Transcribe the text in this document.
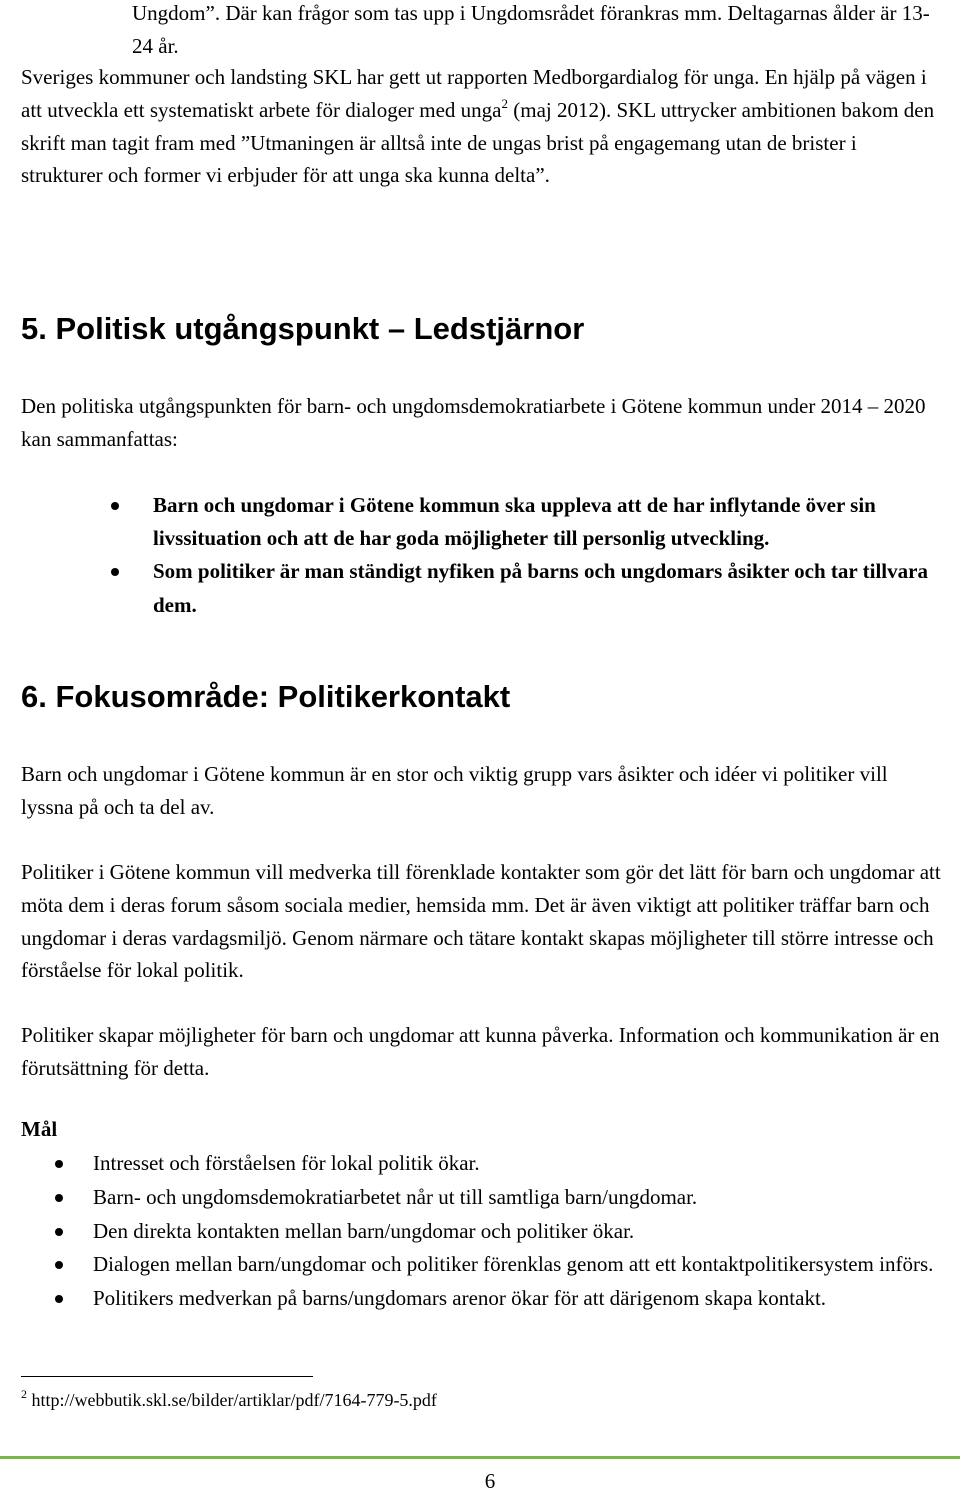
Ungdom”. Där kan frågor som tas upp i Ungdomsrådet förankras mm. Deltagarnas ålder är 13-24 år.

Sveriges kommuner och landsting SKL har gett ut rapporten Medborgardialog för unga. En hjälp på vägen i att utveckla ett systematiskt arbete för dialoger med unga$^2$ (maj 2012). SKL uttrycker ambitionen bakom den skrift man tagit fram med ”Utmaningen är alltså inte de ungas brist på engagemang utan de brister i strukturer och former vi erbjuder för att unga ska kunna delta”.

5. Politisk utgångspunkt – Ledstjärnor

Den politiska utgångspunkten för barn- och ungdomsdemokratiarbete i Götene kommun under 2014 – 2020 kan sammanfattas:

Barn och ungdomar i Götene kommun ska uppleva att de har inflytande över sin livssituation och att de har goda möjligheter till personlig utveckling.
Som politiker är man ständigt nyfiken på barns och ungdomars åsikter och tar tillvara dem.
6. Fokusområde: Politikerkontakt

Barn och ungdomar i Götene kommun är en stor och viktig grupp vars åsikter och idéer vi politiker vill lyssna på och ta del av.

Politiker i Götene kommun vill medverka till förenklade kontakter som gör det lätt för barn och ungdomar att möta dem i deras forum såsom sociala medier, hemsida mm. Det är även viktigt att politiker träffar barn och ungdomar i deras vardagsmiljö. Genom närmare och tätare kontakt skapas möjligheter till större intresse och förståelse för lokal politik.

Politiker skapar möjligheter för barn och ungdomar att kunna påverka. Information och kommunikation är en förutsättning för detta.

Mål

Intresset och förståelsen för lokal politik ökar.
Barn- och ungdomsdemokratiarbetet når ut till samtliga barn/ungdomar.
Den direkta kontakten mellan barn/ungdomar och politiker ökar.
Dialogen mellan barn/ungdomar och politiker förenklas genom att ett kontaktpolitikersystem införs.
Politikers medverkan på barns/ungdomars arenor ökar för att därigenom skapa kontakt.
$^2$ http://webbutik.skl.se/bilder/artiklar/pdf/7164-779-5.pdf
6
